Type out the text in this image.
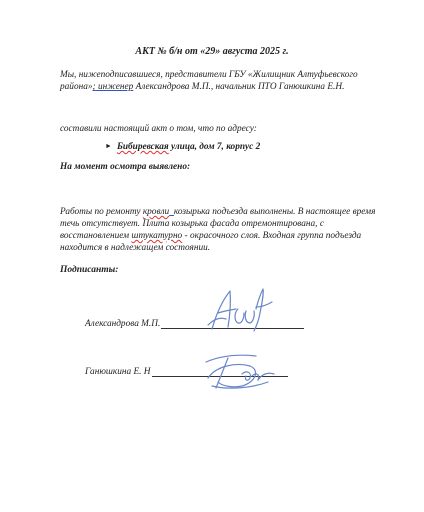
АКТ № б/н от «29» августа 2025 г.
Мы, нижеподписавшиеся, представители ГБУ «Жилищник Алтуфьевского района»; инженер Александрова М.П., начальник ПТО Ганюшкина Е.Н.
составили настоящий акт о том, что по адресу:
► Бибиревская улица, дом 7, корпус 2
На момент осмотра выявлено:
Работы по ремонту кровли козырька подъезда выполнены. В настоящее время течь отсутствует. Плита козырька фасада отремонтирована, с восстановлением штукатурно - окрасочного слоя. Входная группа подъезда находится в надлежащем состоянии.
Подписанты:
Александрова М.П.
Ганюшкина Е. Н
